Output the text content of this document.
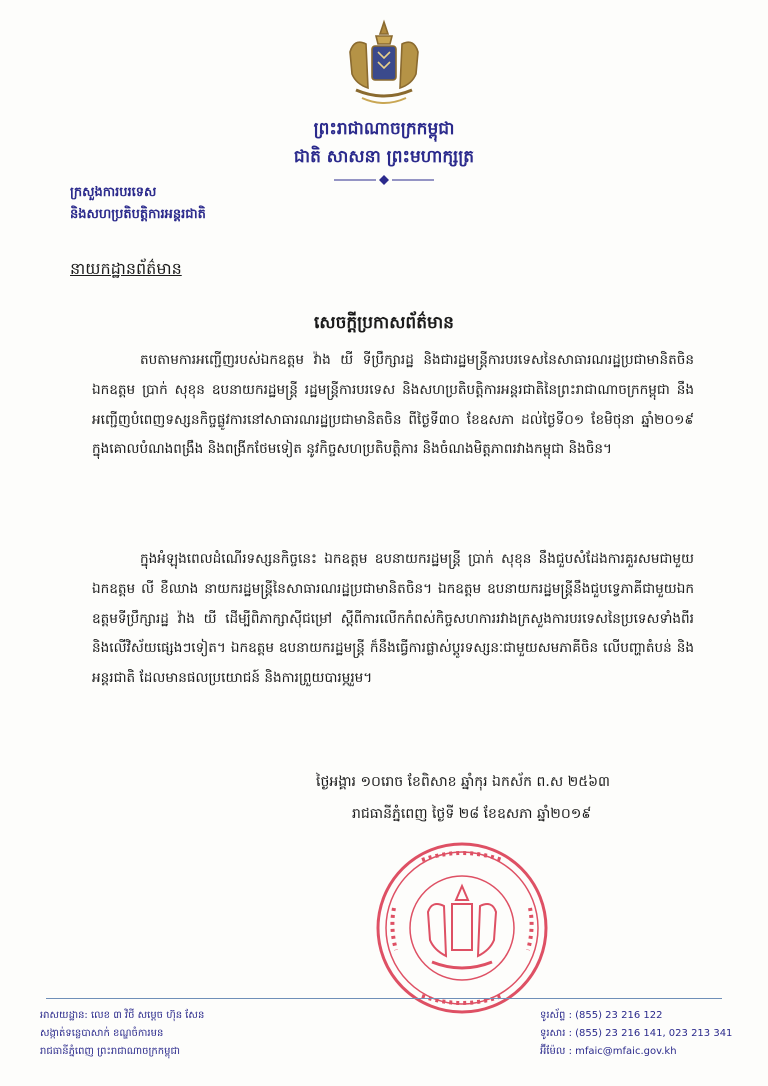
ព្រះរាជាណាចក្រកម្ពុជា
ជាតិ សាសនា ព្រះមហាក្សត្រ
ក្រសួងការបរទេស
និងសហប្រតិបត្តិការអន្តរជាតិ
នាយកដ្ឋានព័ត៌មាន
សេចក្តីប្រកាសព័ត៌មាន
តបតាមការអញ្ជើញរបស់ឯកឧត្តម វ៉ាង យី ទីប្រឹក្សារដ្ឋ និងជារដ្ឋមន្ត្រីការបរទេសនៃសាធារណរដ្ឋប្រជាមានិតចិន ឯកឧត្តម ប្រាក់ សុខុន ឧបនាយករដ្ឋមន្ត្រី រដ្ឋមន្ត្រីការបរទេស និងសហប្រតិបត្តិការអន្តរជាតិនៃព្រះរាជាណាចក្រកម្ពុជា នឹងអញ្ជើញបំពេញទស្សនកិច្ចផ្លូវការនៅសាធារណរដ្ឋប្រជាមានិតចិន ពីថ្ងៃទី៣០ ខែឧសភា ដល់ថ្ងៃទី០១ ខែមិថុនា ឆ្នាំ២០១៩ ក្នុងគោលបំណងពង្រឹង និងពង្រីកថែមទៀត នូវកិច្ចសហប្រតិបត្តិការ និងចំណងមិត្តភាពរវាងកម្ពុជា និងចិន។
ក្នុងអំឡុងពេលដំណើរទស្សនកិច្ចនេះ ឯកឧត្តម ឧបនាយករដ្ឋមន្ត្រី ប្រាក់ សុខុន នឹងជួបសំដែងការគួរសមជាមួយឯកឧត្តម លី ខឺឈាង នាយករដ្ឋមន្ត្រីនៃសាធារណរដ្ឋប្រជាមានិតចិន។ ឯកឧត្តម ឧបនាយករដ្ឋមន្ត្រីនឹងជួបទ្វេភាគីជាមួយឯកឧត្តមទីប្រឹក្សារដ្ឋ វ៉ាង យី ដើម្បីពិភាក្សាស៊ីជម្រៅ ស្តីពីការលើកកំពស់កិច្ចសហការរវាងក្រសួងការបរទេសនៃប្រទេសទាំងពីរ និងលើវិស័យផ្សេងៗទៀត។ ឯកឧត្តម ឧបនាយករដ្ឋមន្ត្រី ក៏នឹងធ្វើការផ្លាស់ប្តូរទស្សនៈជាមួយសមភាគីចិន លើបញ្ហាតំបន់ និងអន្តរជាតិ ដែលមានផលប្រយោជន៍ និងការព្រួយបារម្ភរួម។
ថ្ងៃអង្គារ ១០រោច ខែពិសាខ ឆ្នាំកុរ ឯកស័ក ព.ស ២៥៦៣
រាជធានីភ្នំពេញ ថ្ងៃទី ២៨ ខែឧសភា ឆ្នាំ២០១៩
អាសយដ្ឋាន: លេខ ៣ វិថី សម្តេច ហ៊ុន សែន
សង្កាត់ទន្លេបាសាក់ ខណ្ឌចំការមន
រាជធានីភ្នំពេញ ព្រះរាជាណាចក្រកម្ពុជា
ទូរស័ព្ទ : (855) 23 216 122
ទូរសារ : (855) 23 216 141, 023 213 341
អ៊ីម៉ែល : mfaic@mfaic.gov.kh
